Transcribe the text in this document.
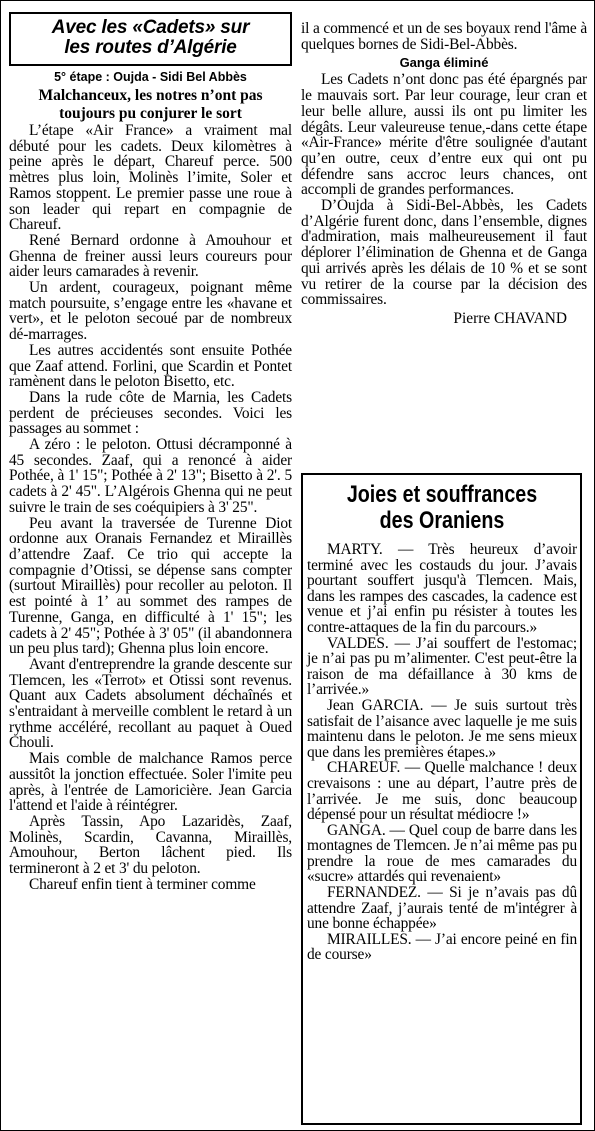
Avec les «Cadets» sur
les routes d’Algérie
5° étape : Oujda - Sidi Bel Abbès
Malchanceux, les notres n’ont pas
toujours pu conjurer le sort

L’étape «Air France» a vraiment mal débuté pour les cadets. Deux kilomètres à peine après le départ, Chareuf perce. 500 mètres plus loin, Molinès l’imite, Soler et Ramos stoppent. Le premier passe une roue à son leader qui repart en compagnie de Chareuf.

René Bernard ordonne à Amouhour et Ghenna de freiner aussi leurs coureurs pour aider leurs camarades à revenir.

Un ardent, courageux, poignant même match poursuite, s’engage entre les «havane et vert», et le peloton secoué par de nombreux dé-marrages.

Les autres accidentés sont ensuite Pothée que Zaaf attend. Forlini, que Scardin et Pontet ramènent dans le peloton Bisetto, etc.

Dans la rude côte de Marnia, les Cadets perdent de précieuses secondes. Voici les passages au sommet :

A zéro : le peloton. Ottusi décramponné à 45 secondes. Zaaf, qui a renoncé à aider Pothée, à 1' 15"; Pothée à 2' 13"; Bisetto à 2'. 5 cadets à 2' 45". L’Algérois Ghenna qui ne peut suivre le train de ses coéquipiers à 3' 25".

Peu avant la traversée de Turenne Diot ordonne aux Oranais Fernandez et Miraillès d’attendre Zaaf. Ce trio qui accepte la compagnie d’Otissi, se dépense sans compter (surtout Miraillès) pour recoller au peloton. Il est pointé à 1’ au sommet des rampes de Turenne, Ganga, en difficulté à 1' 15"; les cadets à 2' 45"; Pothée à 3' 05" (il abandonnera un peu plus tard); Ghenna plus loin encore.

Avant d'entreprendre la grande descente sur Tlemcen, les «Terrot» et Otissi sont revenus. Quant aux Cadets absolument déchaînés et s'entraidant à merveille comblent le retard à un rythme accéléré, recollant au paquet à Oued Chouli.

Mais comble de malchance Ramos perce aussitôt la jonction effectuée. Soler l'imite peu après, à l'entrée de Lamoricière. Jean Garcia l'attend et l'aide à réintégrer.

Après Tassin, Apo Lazaridès, Zaaf, Molinès, Scardin, Cavanna, Miraillès, Amouhour, Berton lâchent pied. Ils termineront à 2 et 3' du peloton.

Chareuf enfin tient à terminer comme

il a commencé et un de ses boyaux rend l'âme à quelques bornes de Sidi-Bel-Abbès.

Ganga éliminé

Les Cadets n’ont donc pas été épargnés par le mauvais sort. Par leur courage, leur cran et leur belle allure, aussi ils ont pu limiter les dégâts. Leur valeureuse tenue,-dans cette étape «Air-France» mérite d'être soulignée d'autant qu’en outre, ceux d’entre eux qui ont pu défendre sans accroc leurs chances, ont accompli de grandes performances.

D’Oujda à Sidi-Bel-Abbès, les Cadets d’Algérie furent donc, dans l’ensemble, dignes d'admiration, mais malheureusement il faut déplorer l’élimination de Ghenna et de Ganga qui arrivés après les délais de 10 % et se sont vu retirer de la course par la décision des commissaires.

Pierre CHAVAND
Joies et souffrances
des Oraniens

MARTY. — Très heureux d’avoir terminé avec les costauds du jour. J’avais pourtant souffert jusqu'à Tlemcen. Mais, dans les rampes des cascades, la cadence est venue et j’ai enfin pu résister à toutes les contre-attaques de la fin du parcours.»

VALDES. — J’ai souffert de l'estomac; je n’ai pas pu m’alimenter. C'est peut-être la raison de ma défaillance à 30 kms de l’arrivée.»

Jean GARCIA. — Je suis surtout très satisfait de l’aisance avec laquelle je me suis maintenu dans le peloton. Je me sens mieux que dans les premières étapes.»

CHAREUF. — Quelle malchance ! deux crevaisons : une au départ, l’autre près de l’arrivée. Je me suis, donc beaucoup dépensé pour un résultat médiocre !»

GANGA. — Quel coup de barre dans les montagnes de Tlemcen. Je n’ai même pas pu prendre la roue de mes camarades du «sucre» attardés qui revenaient»

FERNANDEZ. — Si je n’avais pas dû attendre Zaaf, j’aurais tenté de m'intégrer à une bonne échappée»

MIRAILLES. — J’ai encore peiné en fin de course»
